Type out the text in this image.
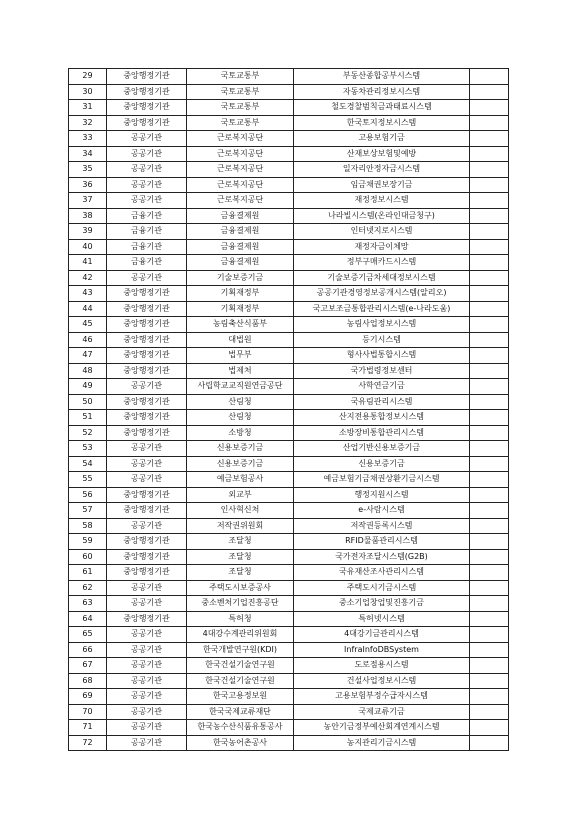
29	중앙행정기관	국토교통부	부동산종합공부시스템	
30	중앙행정기관	국토교통부	자동차관리정보시스템	
31	중앙행정기관	국토교통부	철도경찰범칙금과태료시스템	
32	중앙행정기관	국토교통부	한국토지정보시스템	
33	공공기관	근로복지공단	고용보험기금	
34	공공기관	근로복지공단	산재보상보험및예방	
35	공공기관	근로복지공단	일자리안정자금시스템	
36	공공기관	근로복지공단	임금채권보장기금	
37	공공기관	근로복지공단	재정정보시스템	
38	금융기관	금융결제원	나라빌시스템(온라인대금청구)	
39	금융기관	금융결제원	인터넷지로시스템	
40	금융기관	금융결제원	재정자금이체망	
41	금융기관	금융결제원	정부구매카드시스템	
42	공공기관	기술보증기금	기술보증기금차세대정보시스템	
43	중앙행정기관	기획재정부	공공기관경영정보공개시스템(알리오)	
44	중앙행정기관	기획재정부	국고보조금통합관리시스템(e-나라도움)	
45	중앙행정기관	농림축산식품부	농림사업정보시스템	
46	중앙행정기관	대법원	등기시스템	
47	중앙행정기관	법무부	형사사법통합시스템	
48	중앙행정기관	법제처	국가법령정보센터	
49	공공기관	사립학교교직원연금공단	사학연금기금	
50	중앙행정기관	산림청	국유림관리시스템	
51	중앙행정기관	산림청	산지전용통합정보시스템	
52	중앙행정기관	소방청	소방장비통합관리시스템	
53	공공기관	신용보증기금	산업기반신용보증기금	
54	공공기관	신용보증기금	신용보증기금	
55	공공기관	예금보험공사	예금보험기금채권상환기금시스템	
56	중앙행정기관	외교부	행정지원시스템	
57	중앙행정기관	인사혁신처	e-사람시스템	
58	공공기관	저작권위원회	저작권등록시스템	
59	중앙행정기관	조달청	RFID물품관리시스템	
60	중앙행정기관	조달청	국가전자조달시스템(G2B)	
61	중앙행정기관	조달청	국유재산조사관리시스템	
62	공공기관	주택도시보증공사	주택도시기금시스템	
63	공공기관	중소벤처기업진흥공단	중소기업창업및진흥기금	
64	중앙행정기관	특허청	특허넷시스템	
65	공공기관	4대강수계관리위원회	4대강기금관리시스템	
66	공공기관	한국개발연구원(KDI)	InfraInfoDBSystem	
67	공공기관	한국건설기술연구원	도로점용시스템	
68	공공기관	한국건설기술연구원	건설사업정보시스템	
69	공공기관	한국고용정보원	고용보험부정수급자시스템	
70	공공기관	한국국제교류재단	국제교류기금	
71	공공기관	한국농수산식품유통공사	농안기금정부예산회계연계시스템	
72	공공기관	한국농어촌공사	농지관리기금시스템	
